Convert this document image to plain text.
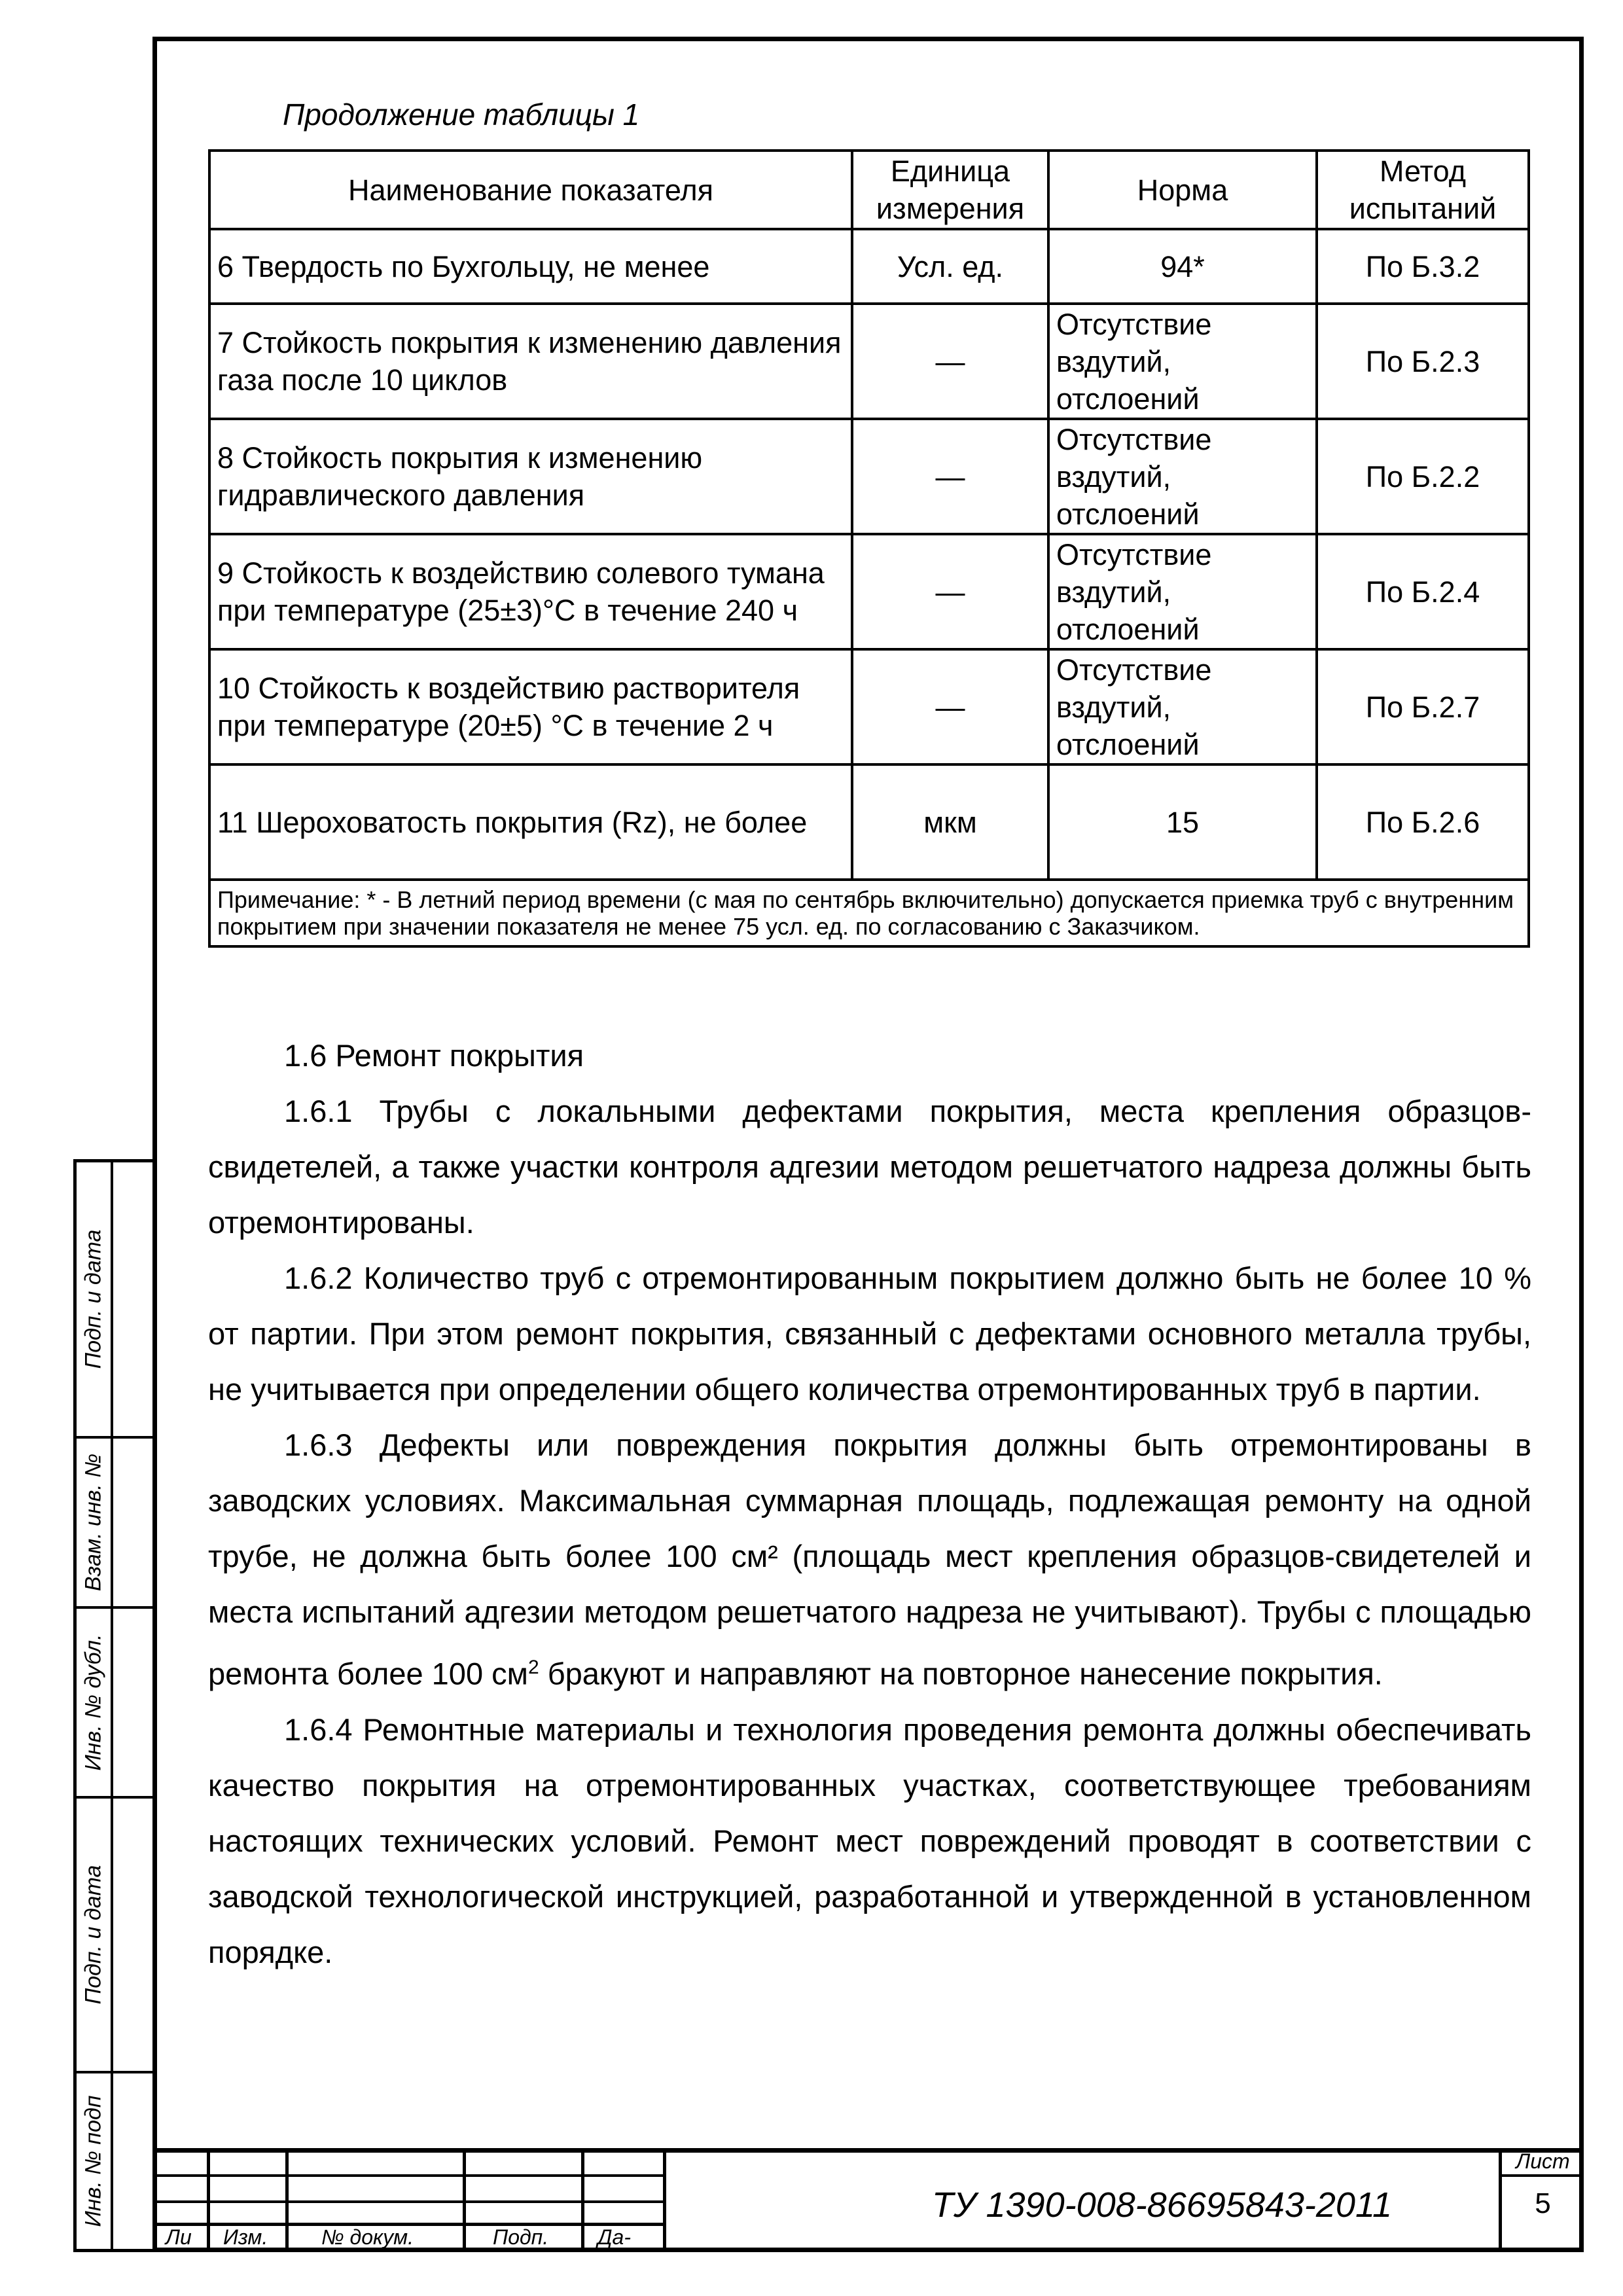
Подп. и дата
Взам. инв. №
Инв. № дубл.
Подп. и дата
Инв. № подп
Продолжение таблицы 1
Наименование показателя	Единица измерения	Норма	Метод испытаний
6 Твердость по Бухгольцу, не менее	Усл. ед.	94*	По Б.3.2
7 Стойкость покрытия к изменению давления газа после 10 циклов	—	Отсутствие вздутий, отслоений	По Б.2.3
8 Стойкость покрытия к изменению гидравлического давления	—	Отсутствие вздутий, отслоений	По Б.2.2
9 Стойкость к воздействию солевого тумана при температуре (25±3)°С в течение 240 ч	—	Отсутствие вздутий, отслоений	По Б.2.4
10 Стойкость к воздействию растворителя при температуре (20±5) °С в течение 2 ч	—	Отсутствие вздутий, отслоений	По Б.2.7
11 Шероховатость покрытия (Rz), не более	мкм	15	По Б.2.6
Примечание: * - В летний период времени (с мая по сентябрь включительно) допускается приемка труб с внутренним покрытием при значении показателя не менее 75 усл. ед. по согласованию с Заказчиком.			

1.6 Ремонт покрытия

1.6.1 Трубы с локальными дефектами покрытия, места крепления образцов-свидетелей, а также участки контроля адгезии методом решетчатого надреза должны быть отремонтированы.

1.6.2 Количество труб с отремонтированным покрытием должно быть не более 10 % от партии. При этом ремонт покрытия, связанный с дефектами основного металла трубы, не учитывается при определении общего количества отремонтированных труб в партии.

1.6.3 Дефекты или повреждения покрытия должны быть отремонтированы в заводских условиях. Максимальная суммарная площадь, подлежащая ремонту на одной трубе, не должна быть более 100 см² (площадь мест крепления образцов-свидетелей и места испытаний адгезии методом решетчатого надреза не учитывают). Трубы с площадью ремонта более 100 $см^2$ бракуют и направляют на повторное нанесение покрытия.

1.6.4 Ремонтные материалы и технология проведения ремонта должны обеспечивать качество покрытия на отремонтированных участках, соответствующее требованиям настоящих технических условий. Ремонт мест повреждений проводят в соответствии с заводской технологической инструкцией, разработанной и утвержденной в установленном порядке.

Ли Изм.	№ докум.	Подп. Да-
ТУ 1390-008-86695843-2011
Лист
5
